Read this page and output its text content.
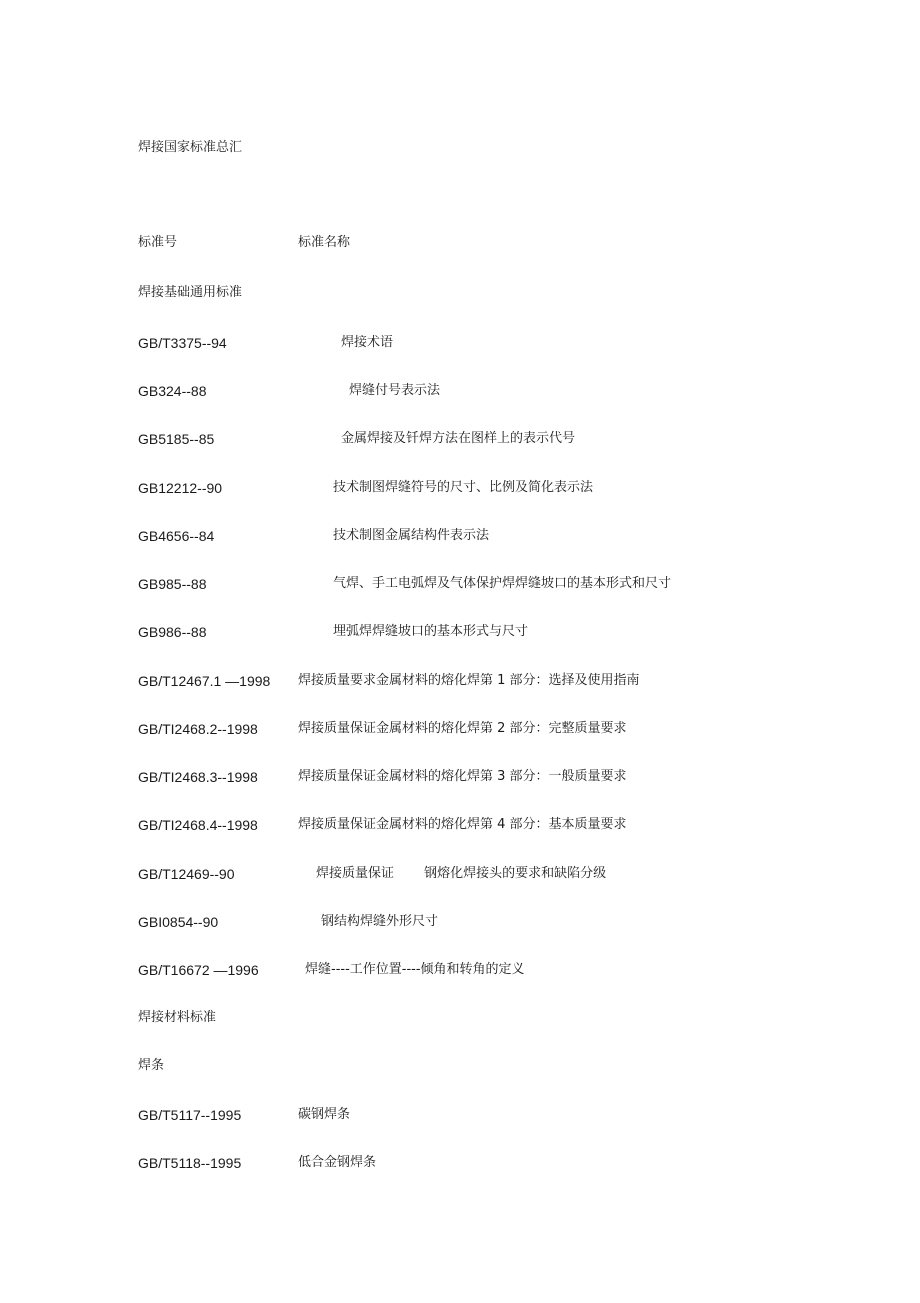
焊接国家标准总汇
标准号	标准名称
焊接基础通用标准
GB/T3375--94	焊接术语
GB324--88	焊缝付号表示法
GB5185--85	金属焊接及钎焊方法在图样上的表示代号
GB12212--90	技术制图焊缝符号的尺寸、比例及简化表示法
GB4656--84	技术制图金属结构件表示法
GB985--88	气焊、手工电弧焊及气体保护焊焊缝坡口的基本形式和尺寸
GB986--88	埋弧焊焊缝坡口的基本形式与尺寸
GB/T12467.1 —1998 焊接质量要求金属材料的熔化焊第 1 部分：选择及使用指南
GB/TI2468.2--1998	焊接质量保证金属材料的熔化焊第 2 部分：完整质量要求
GB/TI2468.3--1998	焊接质量保证金属材料的熔化焊第 3 部分：一般质量要求
GB/TI2468.4--1998	焊接质量保证金属材料的熔化焊第 4 部分：基本质量要求
GB/T12469--90	焊接质量保证　　 钢熔化焊接头的要求和缺陷分级
GBI0854--90	钢结构焊缝外形尺寸
GB/T16672 —1996	焊缝----工作位置----倾角和转角的定义
焊接材料标准
焊条
GB/T5117--1995	碳钢焊条
GB/T5118--1995	低合金钢焊条
